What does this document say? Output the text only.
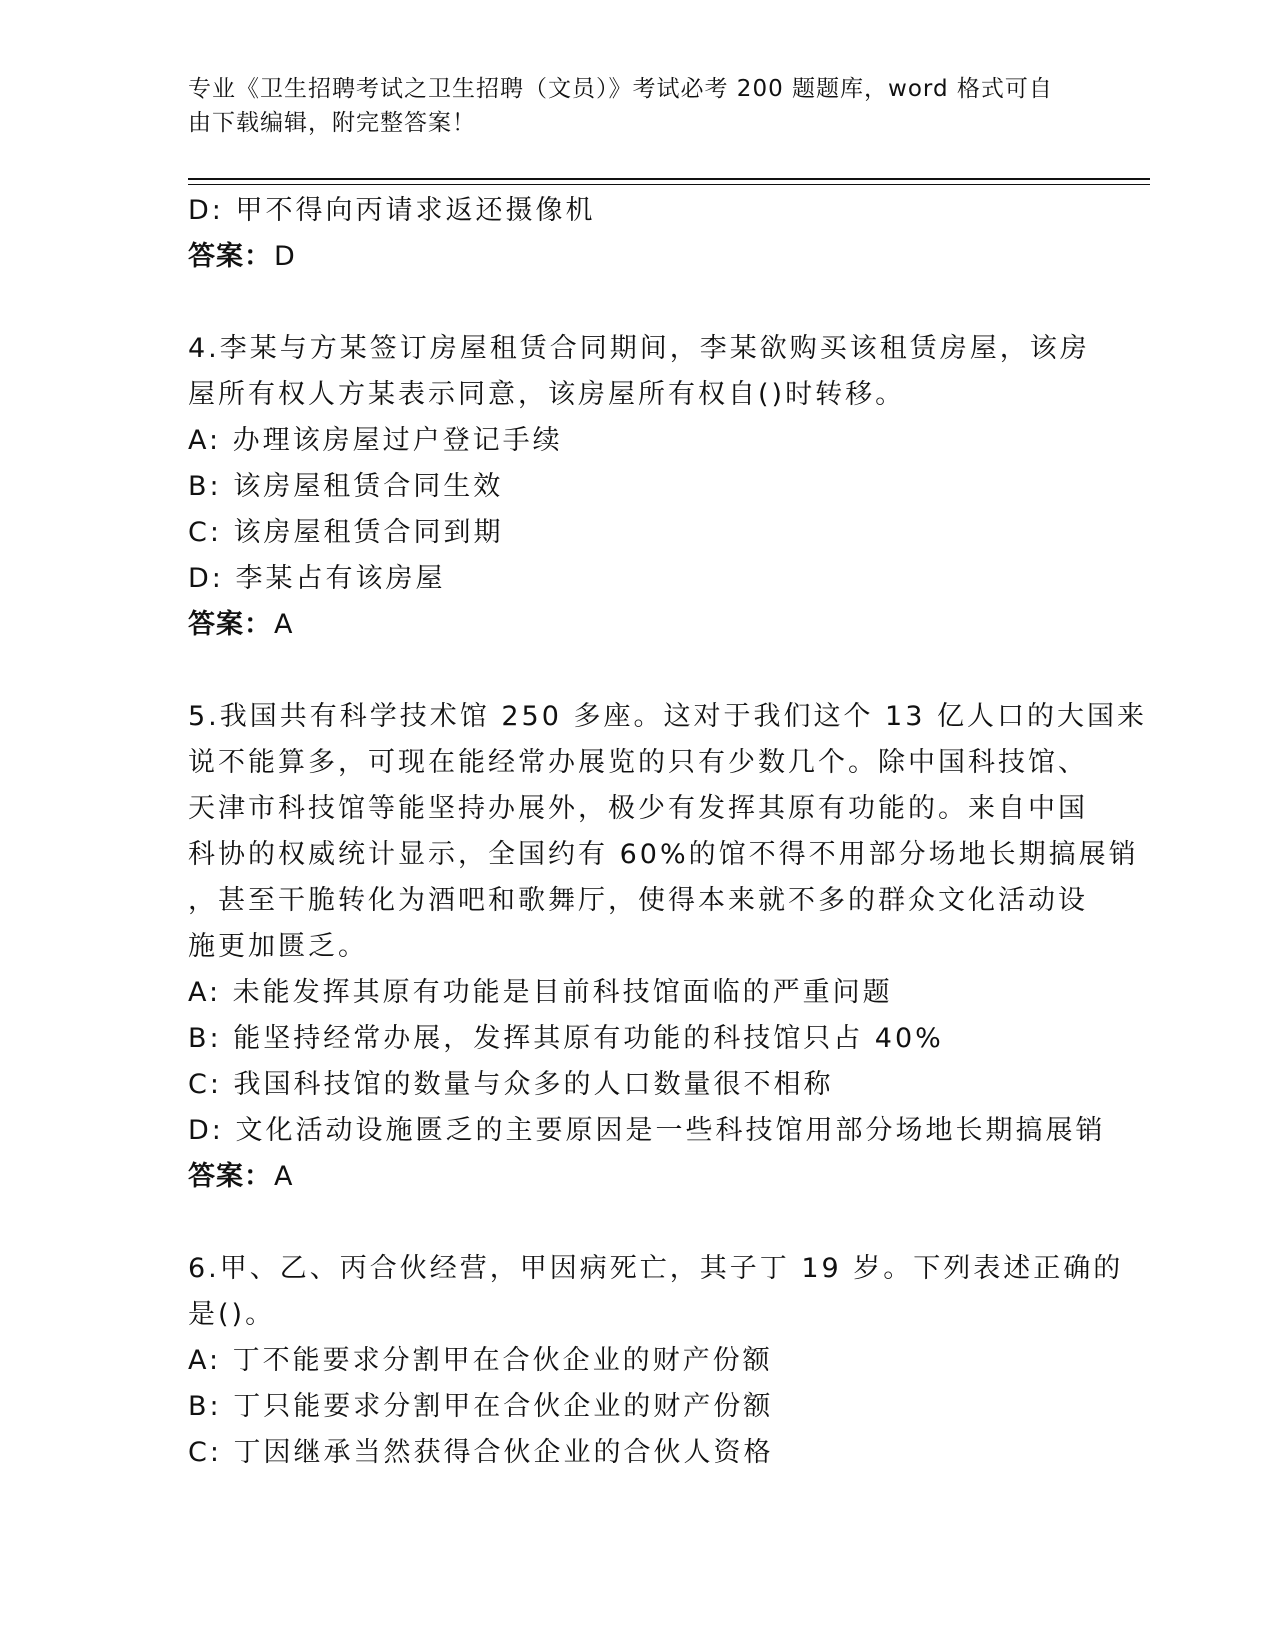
专业《卫生招聘考试之卫生招聘（文员）》考试必考 200 题题库，word 格式可自
由下载编辑，附完整答案！
D: 甲不得向丙请求返还摄像机
答案：D
4.李某与方某签订房屋租赁合同期间，李某欲购买该租赁房屋，该房
屋所有权人方某表示同意，该房屋所有权自()时转移。
A: 办理该房屋过户登记手续
B: 该房屋租赁合同生效
C: 该房屋租赁合同到期
D: 李某占有该房屋
答案：A
5.我国共有科学技术馆 250 多座。这对于我们这个 13 亿人口的大国来
说不能算多，可现在能经常办展览的只有少数几个。除中国科技馆、
天津市科技馆等能坚持办展外，极少有发挥其原有功能的。来自中国
科协的权威统计显示，全国约有 60%的馆不得不用部分场地长期搞展销
，甚至干脆转化为酒吧和歌舞厅，使得本来就不多的群众文化活动设
施更加匮乏。
A: 未能发挥其原有功能是目前科技馆面临的严重问题
B: 能坚持经常办展，发挥其原有功能的科技馆只占 40%
C: 我国科技馆的数量与众多的人口数量很不相称
D: 文化活动设施匮乏的主要原因是一些科技馆用部分场地长期搞展销
答案：A
6.甲、乙、丙合伙经营，甲因病死亡，其子丁 19 岁。下列表述正确的
是()。
A: 丁不能要求分割甲在合伙企业的财产份额
B: 丁只能要求分割甲在合伙企业的财产份额
C: 丁因继承当然获得合伙企业的合伙人资格
